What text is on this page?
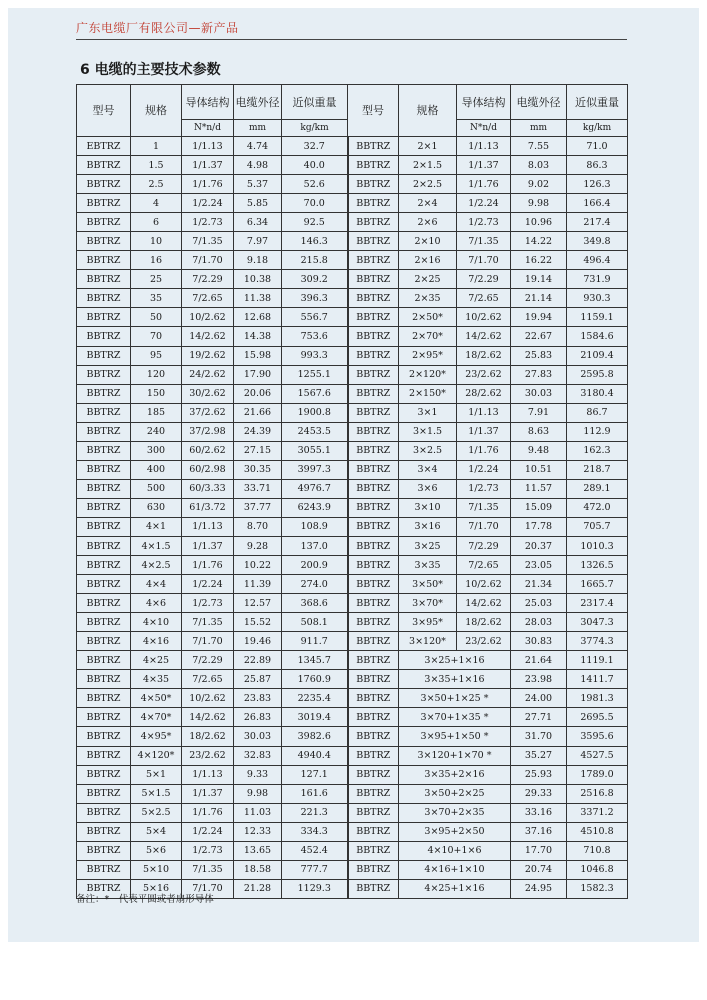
广东电缆厂有限公司—新产品
6 电缆的主要技术参数
型号	规格	导体结构	电缆外径	近似重量	型号	规格	导体结构	电缆外径	近似重量
		N*n/d	mm	kg/km			N*n/d	mm	kg/km
EBTRZ	1	1/1.13	4.74	32.7	BBTRZ	2×1	1/1.13	7.55	71.0
BBTRZ	1.5	1/1.37	4.98	40.0	BBTRZ	2×1.5	1/1.37	8.03	86.3
BBTRZ	2.5	1/1.76	5.37	52.6	BBTRZ	2×2.5	1/1.76	9.02	126.3
BBTRZ	4	1/2.24	5.85	70.0	BBTRZ	2×4	1/2.24	9.98	166.4
BBTRZ	6	1/2.73	6.34	92.5	BBTRZ	2×6	1/2.73	10.96	217.4
BBTRZ	10	7/1.35	7.97	146.3	BBTRZ	2×10	7/1.35	14.22	349.8
BBTRZ	16	7/1.70	9.18	215.8	BBTRZ	2×16	7/1.70	16.22	496.4
BBTRZ	25	7/2.29	10.38	309.2	BBTRZ	2×25	7/2.29	19.14	731.9
BBTRZ	35	7/2.65	11.38	396.3	BBTRZ	2×35	7/2.65	21.14	930.3
BBTRZ	50	10/2.62	12.68	556.7	BBTRZ	2×50*	10/2.62	19.94	1159.1
BBTRZ	70	14/2.62	14.38	753.6	BBTRZ	2×70*	14/2.62	22.67	1584.6
BBTRZ	95	19/2.62	15.98	993.3	BBTRZ	2×95*	18/2.62	25.83	2109.4
BBTRZ	120	24/2.62	17.90	1255.1	BBTRZ	2×120*	23/2.62	27.83	2595.8
BBTRZ	150	30/2.62	20.06	1567.6	BBTRZ	2×150*	28/2.62	30.03	3180.4
BBTRZ	185	37/2.62	21.66	1900.8	BBTRZ	3×1	1/1.13	7.91	86.7
BBTRZ	240	37/2.98	24.39	2453.5	BBTRZ	3×1.5	1/1.37	8.63	112.9
BBTRZ	300	60/2.62	27.15	3055.1	BBTRZ	3×2.5	1/1.76	9.48	162.3
BBTRZ	400	60/2.98	30.35	3997.3	BBTRZ	3×4	1/2.24	10.51	218.7
BBTRZ	500	60/3.33	33.71	4976.7	BBTRZ	3×6	1/2.73	11.57	289.1
BBTRZ	630	61/3.72	37.77	6243.9	BBTRZ	3×10	7/1.35	15.09	472.0
BBTRZ	4×1	1/1.13	8.70	108.9	BBTRZ	3×16	7/1.70	17.78	705.7
BBTRZ	4×1.5	1/1.37	9.28	137.0	BBTRZ	3×25	7/2.29	20.37	1010.3
BBTRZ	4×2.5	1/1.76	10.22	200.9	BBTRZ	3×35	7/2.65	23.05	1326.5
BBTRZ	4×4	1/2.24	11.39	274.0	BBTRZ	3×50*	10/2.62	21.34	1665.7
BBTRZ	4×6	1/2.73	12.57	368.6	BBTRZ	3×70*	14/2.62	25.03	2317.4
BBTRZ	4×10	7/1.35	15.52	508.1	BBTRZ	3×95*	18/2.62	28.03	3047.3
BBTRZ	4×16	7/1.70	19.46	911.7	BBTRZ	3×120*	23/2.62	30.83	3774.3
BBTRZ	4×25	7/2.29	22.89	1345.7	BBTRZ	3×25+1×16		21.64	1119.1
BBTRZ	4×35	7/2.65	25.87	1760.9	BBTRZ	3×35+1×16		23.98	1411.7
BBTRZ	4×50*	10/2.62	23.83	2235.4	BBTRZ	3×50+1×25 *		24.00	1981.3
BBTRZ	4×70*	14/2.62	26.83	3019.4	BBTRZ	3×70+1×35 *		27.71	2695.5
BBTRZ	4×95*	18/2.62	30.03	3982.6	BBTRZ	3×95+1×50 *		31.70	3595.6
BBTRZ	4×120*	23/2.62	32.83	4940.4	BBTRZ	3×120+1×70 *		35.27	4527.5
BBTRZ	5×1	1/1.13	9.33	127.1	BBTRZ	3×35+2×16		25.93	1789.0
BBTRZ	5×1.5	1/1.37	9.98	161.6	BBTRZ	3×50+2×25		29.33	2516.8
BBTRZ	5×2.5	1/1.76	11.03	221.3	BBTRZ	3×70+2×35		33.16	3371.2
BBTRZ	5×4	1/2.24	12.33	334.3	BBTRZ	3×95+2×50		37.16	4510.8
BBTRZ	5×6	1/2.73	13.65	452.4	BBTRZ	4×10+1×6		17.70	710.8
BBTRZ	5×10	7/1.35	18.58	777.7	BBTRZ	4×16+1×10		20.74	1046.8
BBTRZ	5×16	7/1.70	21.28	1129.3	BBTRZ	4×25+1×16		24.95	1582.3
备注：*　代表平圆或者扇形导体
